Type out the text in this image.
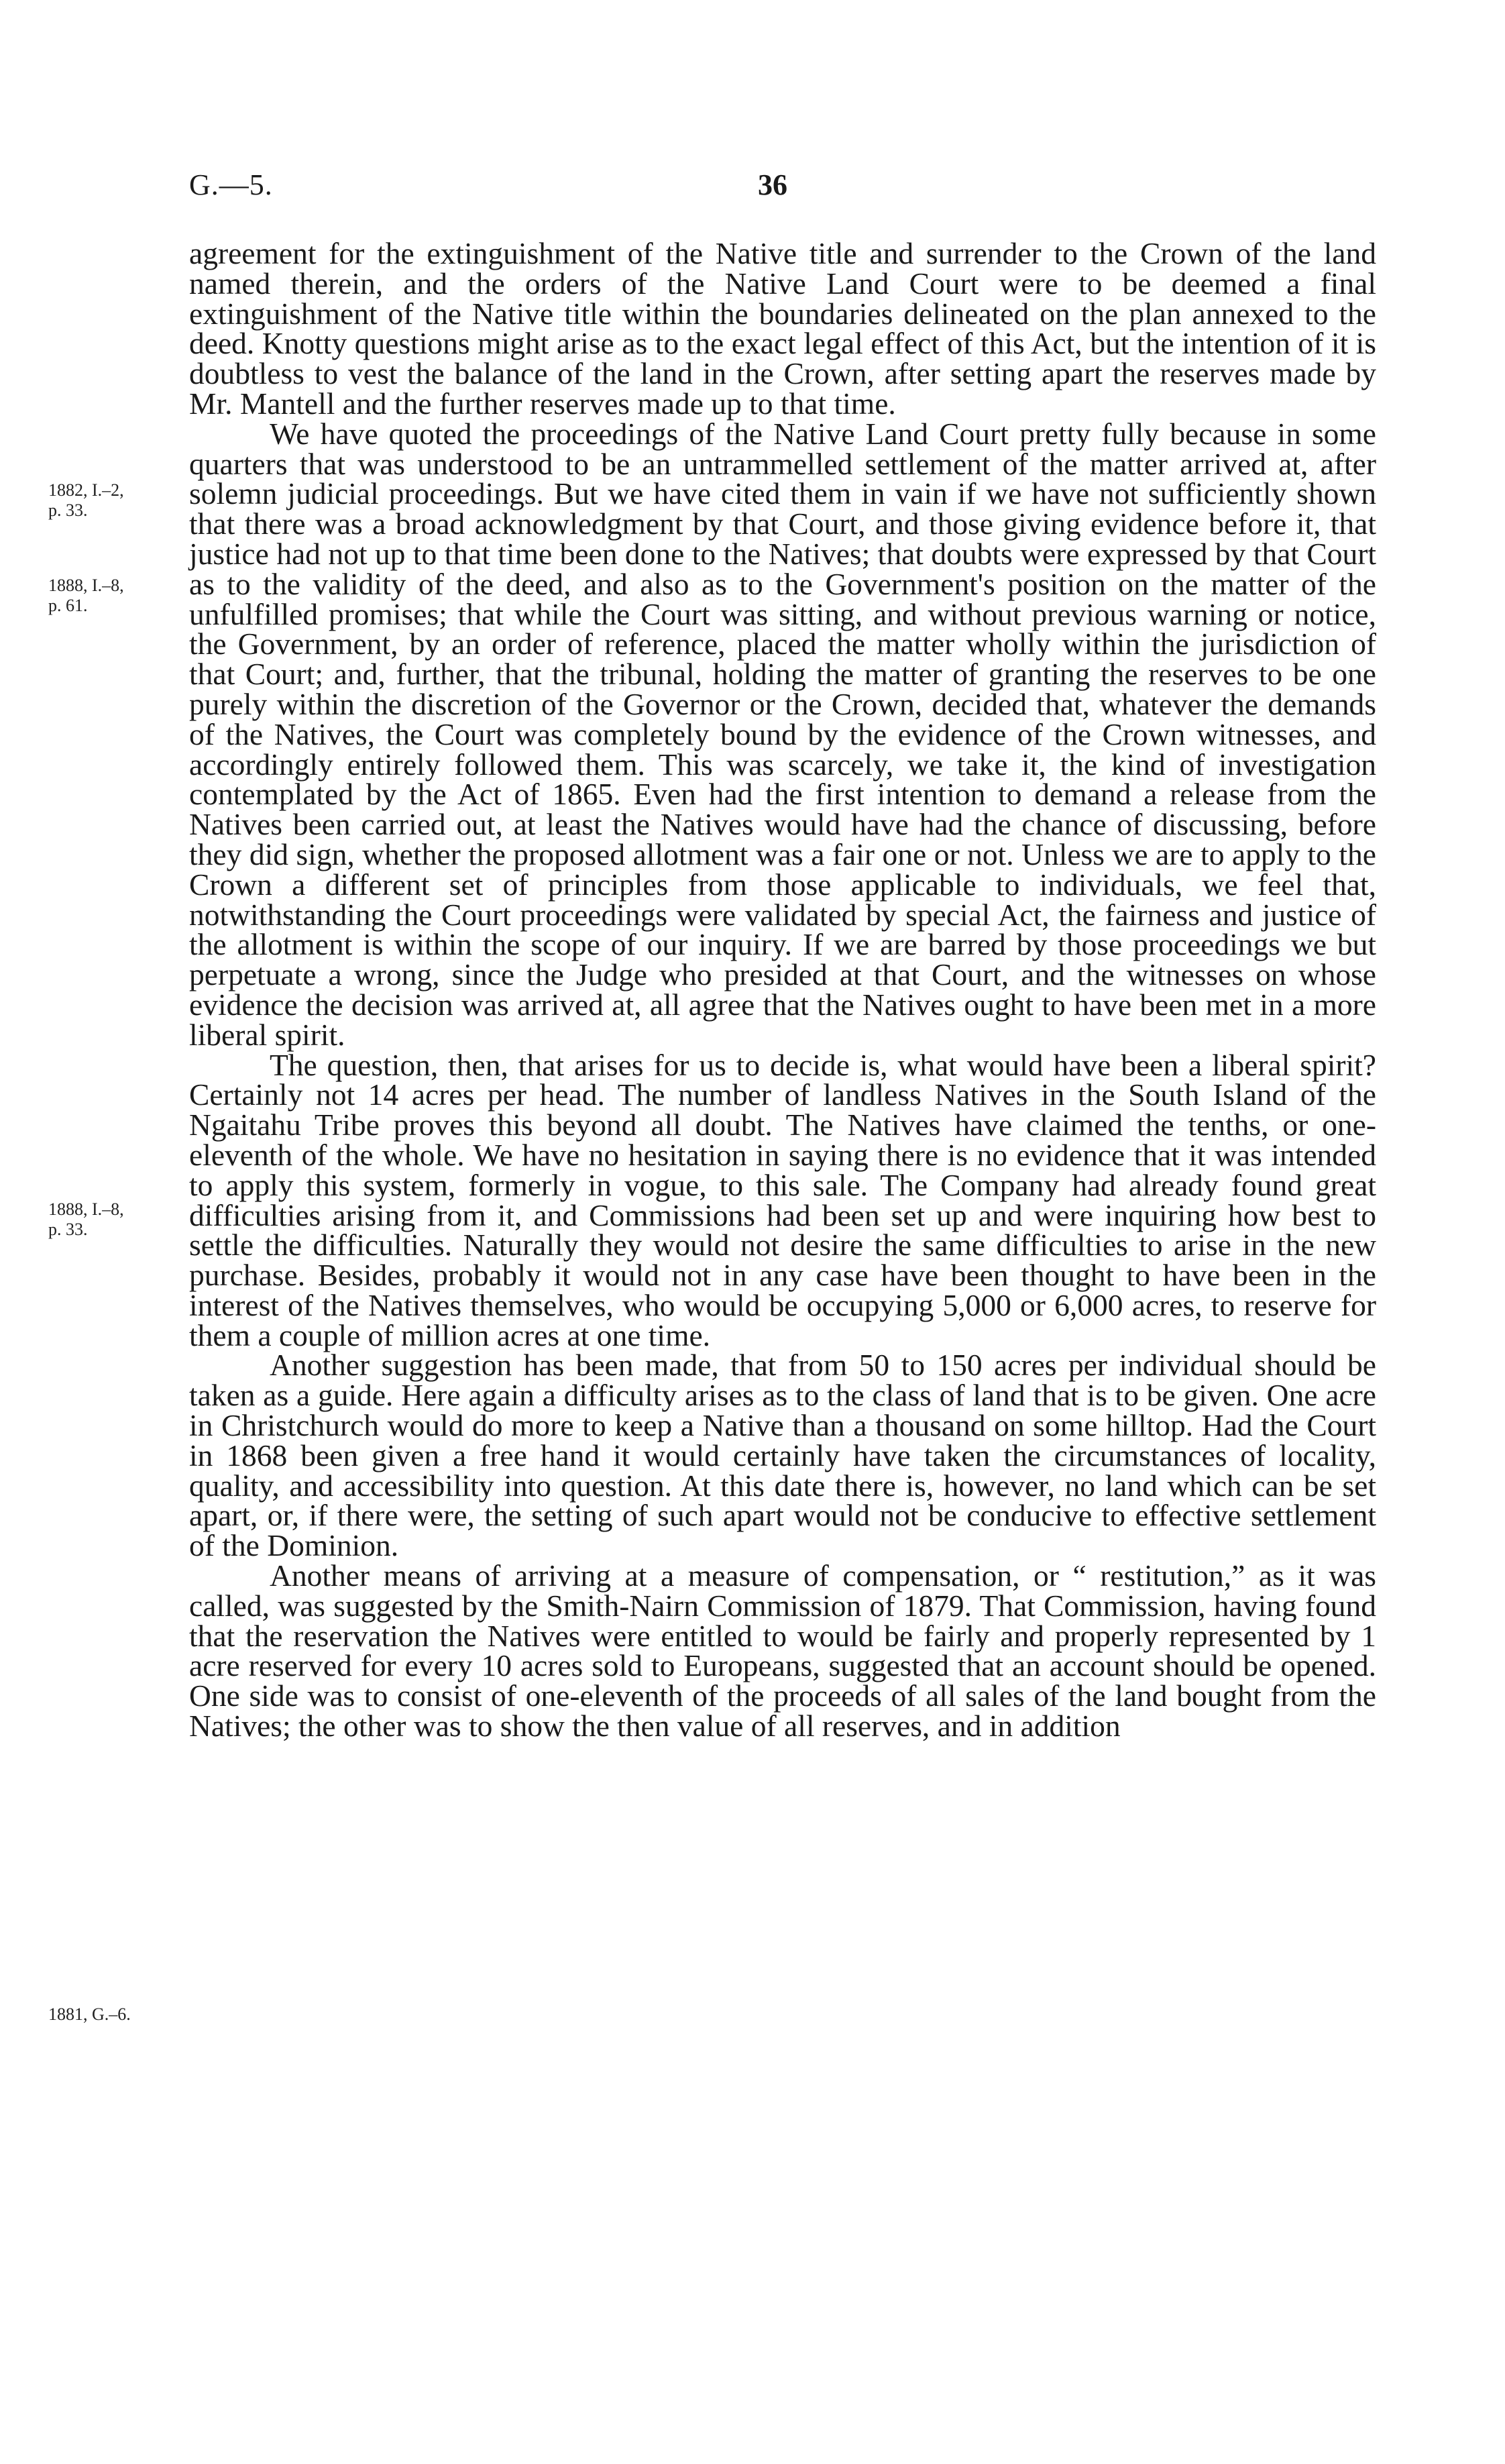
G.—5.	36
1882, I.–2,
p. 33.
1888, I.–8,
p. 61.
1888, I.–8,
p. 33.
1881, G.–6.

agreement for the extinguishment of the Native title and surrender to the Crown of the land named therein, and the orders of the Native Land Court were to be deemed a final extinguishment of the Native title within the boundaries delineated on the plan annexed to the deed. Knotty questions might arise as to the exact legal effect of this Act, but the intention of it is doubtless to vest the balance of the land in the Crown, after setting apart the reserves made by Mr. Mantell and the further reserves made up to that time.

We have quoted the proceedings of the Native Land Court pretty fully because in some quarters that was understood to be an untrammelled settlement of the matter arrived at, after solemn judicial proceedings. But we have cited them in vain if we have not sufficiently shown that there was a broad acknowledgment by that Court, and those giving evidence before it, that justice had not up to that time been done to the Natives; that doubts were expressed by that Court as to the validity of the deed, and also as to the Government's position on the matter of the unfulfilled promises; that while the Court was sitting, and without previous warning or notice, the Government, by an order of reference, placed the matter wholly within the jurisdiction of that Court; and, further, that the tribunal, holding the matter of granting the reserves to be one purely within the discretion of the Governor or the Crown, decided that, whatever the demands of the Natives, the Court was completely bound by the evidence of the Crown witnesses, and accordingly entirely followed them. This was scarcely, we take it, the kind of investigation contemplated by the Act of 1865. Even had the first intention to demand a release from the Natives been carried out, at least the Natives would have had the chance of discussing, before they did sign, whether the proposed allotment was a fair one or not. Unless we are to apply to the Crown a different set of principles from those applicable to individuals, we feel that, notwithstanding the Court proceedings were validated by special Act, the fairness and justice of the allotment is within the scope of our inquiry. If we are barred by those proceedings we but perpetuate a wrong, since the Judge who presided at that Court, and the witnesses on whose evidence the decision was arrived at, all agree that the Natives ought to have been met in a more liberal spirit.

The question, then, that arises for us to decide is, what would have been a liberal spirit? Certainly not 14 acres per head. The number of landless Natives in the South Island of the Ngaitahu Tribe proves this beyond all doubt. The Natives have claimed the tenths, or one-eleventh of the whole. We have no hesitation in saying there is no evidence that it was intended to apply this system, formerly in vogue, to this sale. The Company had already found great difficulties arising from it, and Commissions had been set up and were inquiring how best to settle the difficulties. Naturally they would not desire the same difficulties to arise in the new purchase. Besides, probably it would not in any case have been thought to have been in the interest of the Natives themselves, who would be occupying 5,000 or 6,000 acres, to reserve for them a couple of million acres at one time.

Another suggestion has been made, that from 50 to 150 acres per individual should be taken as a guide. Here again a difficulty arises as to the class of land that is to be given. One acre in Christchurch would do more to keep a Native than a thousand on some hilltop. Had the Court in 1868 been given a free hand it would certainly have taken the circumstances of locality, quality, and accessibility into question. At this date there is, however, no land which can be set apart, or, if there were, the setting of such apart would not be conducive to effective settlement of the Dominion.

Another means of arriving at a measure of compensation, or “ restitution,” as it was called, was suggested by the Smith-Nairn Commission of 1879. That Commission, having found that the reservation the Natives were entitled to would be fairly and properly represented by 1 acre reserved for every 10 acres sold to Europeans, suggested that an account should be opened. One side was to consist of one-eleventh of the proceeds of all sales of the land bought from the Natives; the other was to show the then value of all reserves, and in addition
